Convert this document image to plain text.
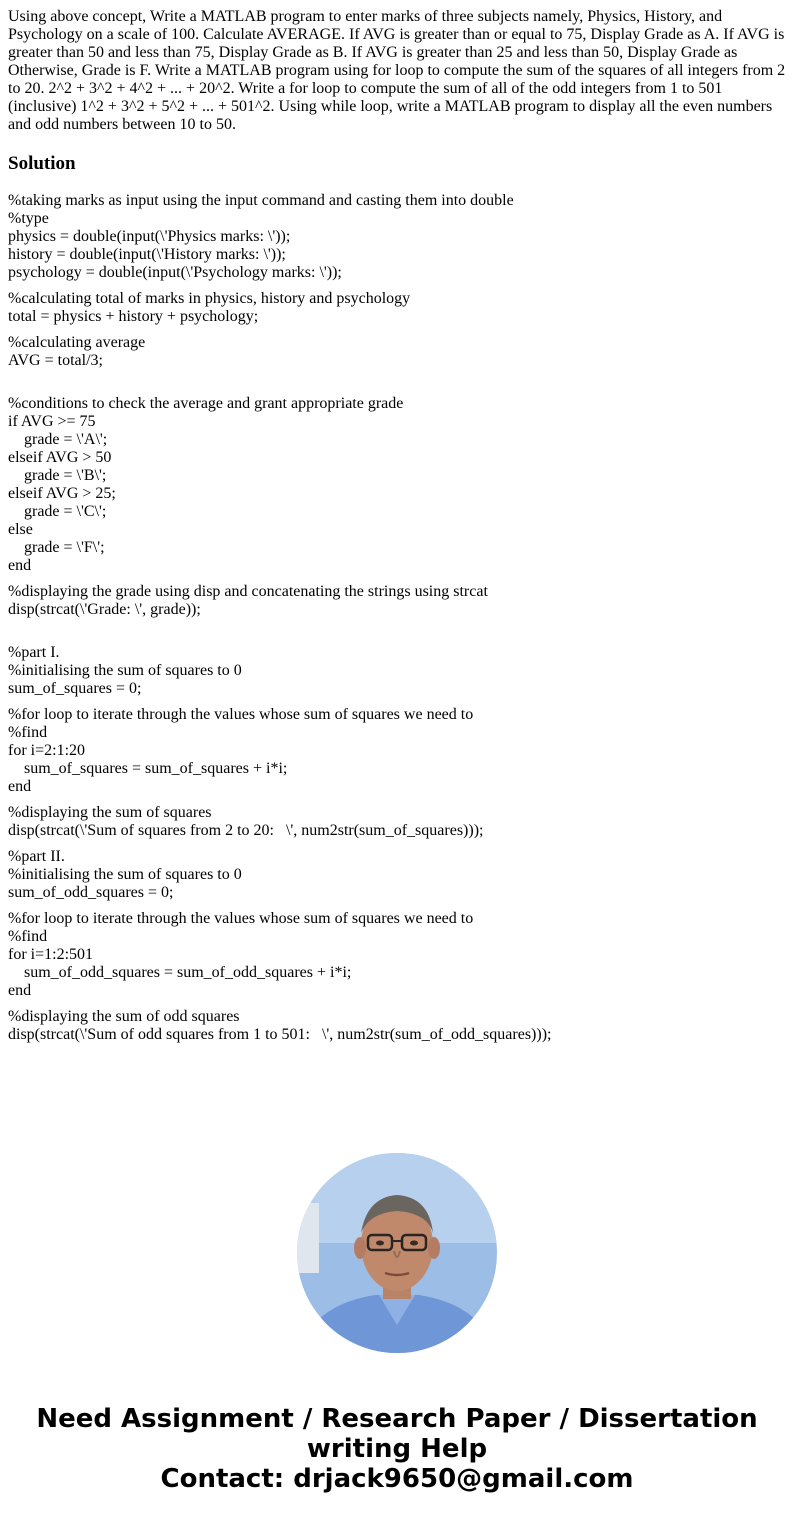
Using above concept, Write a MATLAB program to enter marks of three subjects namely, Physics, History, and Psychology on a scale of 100. Calculate AVERAGE. If AVG is greater than or equal to 75, Display Grade as A. If AVG is greater than 50 and less than 75, Display Grade as B. If AVG is greater than 25 and less than 50, Display Grade as Otherwise, Grade is F. Write a MATLAB program using for loop to compute the sum of the squares of all integers from 2 to 20. 2^2 + 3^2 + 4^2 + ... + 20^2. Write a for loop to compute the sum of all of the odd integers from 1 to 501 (inclusive) 1^2 + 3^2 + 5^2 + ... + 501^2. Using while loop, write a MATLAB program to display all the even numbers and odd numbers between 10 to 50.

Solution
%taking marks as input using the input command and casting them into double
%type
physics = double(input(\'Physics marks: \'));
history = double(input(\'History marks: \'));
psychology = double(input(\'Psychology marks: \'));
%calculating total of marks in physics, history and psychology
total = physics + history + psychology;
%calculating average
AVG = total/3;
%conditions to check the average and grant appropriate grade
if AVG >= 75
grade = \'A\';
elseif AVG > 50
grade = \'B\';
elseif AVG > 25;
grade = \'C\';
else
grade = \'F\';
end
%displaying the grade using disp and concatenating the strings using strcat
disp(strcat(\'Grade: \', grade));
%part I.
%initialising the sum of squares to 0
sum_of_squares = 0;
%for loop to iterate through the values whose sum of squares we need to
%find
for i=2:1:20
sum_of_squares = sum_of_squares + i*i;
end
%displaying the sum of squares
disp(strcat(\'Sum of squares from 2 to 20:   \', num2str(sum_of_squares)));
%part II.
%initialising the sum of squares to 0
sum_of_odd_squares = 0;
%for loop to iterate through the values whose sum of squares we need to
%find
for i=1:2:501
sum_of_odd_squares = sum_of_odd_squares + i*i;
end
%displaying the sum of odd squares
disp(strcat(\'Sum of odd squares from 1 to 501:   \', num2str(sum_of_odd_squares)));
Need Assignment / Research Paper / Dissertation
writing Help
Contact: drjack9650@gmail.com
